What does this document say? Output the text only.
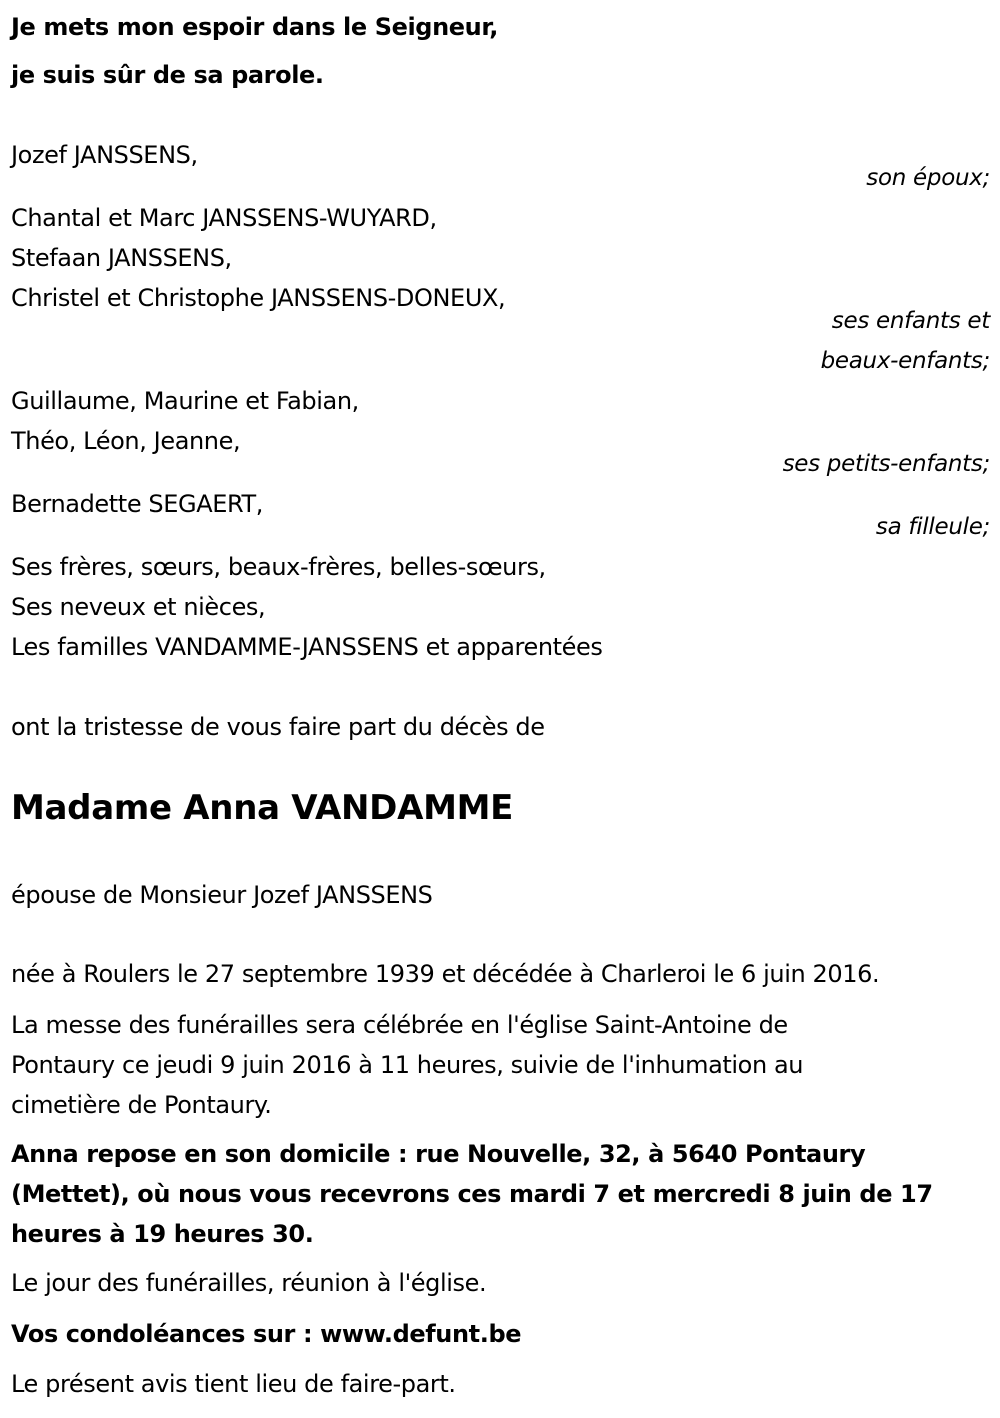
Je mets mon espoir dans le Seigneur,
je suis sûr de sa parole.
Jozef JANSSENS,
son époux;
Chantal et Marc JANSSENS-WUYARD,
Stefaan JANSSENS,
Christel et Christophe JANSSENS-DONEUX,
ses enfants et
beaux-enfants;
Guillaume, Maurine et Fabian,
Théo, Léon, Jeanne,
ses petits-enfants;
Bernadette SEGAERT,
sa filleule;
Ses frères, sœurs, beaux-frères, belles-sœurs,
Ses neveux et nièces,
Les familles VANDAMME-JANSSENS et apparentées
ont la tristesse de vous faire part du décès de
Madame Anna VANDAMME
épouse de Monsieur Jozef JANSSENS
née à Roulers le 27 septembre 1939 et décédée à Charleroi le 6 juin 2016.
La messe des funérailles sera célébrée en l'église Saint-Antoine de
Pontaury ce jeudi 9 juin 2016 à 11 heures, suivie de l'inhumation au
cimetière de Pontaury.
Anna repose en son domicile : rue Nouvelle, 32, à 5640 Pontaury
(Mettet), où nous vous recevrons ces mardi 7 et mercredi 8 juin de 17
heures à 19 heures 30.
Le jour des funérailles, réunion à l'église.
Vos condoléances sur : www.defunt.be
Le présent avis tient lieu de faire-part.
